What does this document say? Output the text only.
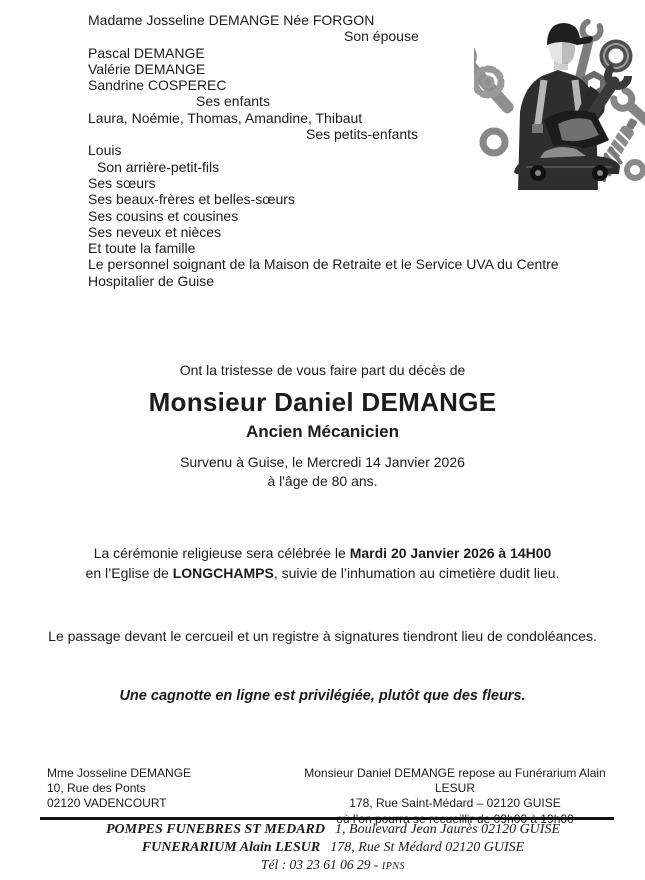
Madame Josseline DEMANGE Née FORGON
Son épouse
Pascal DEMANGE
Valérie DEMANGE
Sandrine COSPEREC
Ses enfants
Laura, Noémie, Thomas, Amandine, Thibaut
Ses petits-enfants
Louis
Son arrière-petit-fils
Ses sœurs
Ses beaux-frères et belles-sœurs
Ses cousins et cousines
Ses neveux et nièces
Et toute la famille
Le personnel soignant de la Maison de Retraite et le Service UVA du Centre Hospitalier de Guise
Ont la tristesse de vous faire part du décès de
Monsieur Daniel DEMANGE
Ancien Mécanicien
Survenu à Guise, le Mercredi 14 Janvier 2026
à l'âge de 80 ans.
La cérémonie religieuse sera célébrée le Mardi 20 Janvier 2026 à 14H00
en l’Eglise de LONGCHAMPS, suivie de l’inhumation au cimetière dudit lieu.
Le passage devant le cercueil et un registre à signatures tiendront lieu de condoléances.
Une cagnotte en ligne est privilégiée, plutôt que des fleurs.
Mme Josseline DEMANGE
10, Rue des Ponts
02120 VADENCOURT
Monsieur Daniel DEMANGE repose au Funérarium Alain LESUR
178, Rue Saint-Médard – 02120 GUISE
POMPES FUNEBRES ST MEDARD 1, Boulevard Jean Jaurès 02120 GUISE
FUNERARIUM Alain LESUR 178, Rue St Médard 02120 GUISE
Tél : 03 23 61 06 29 - IPNS
